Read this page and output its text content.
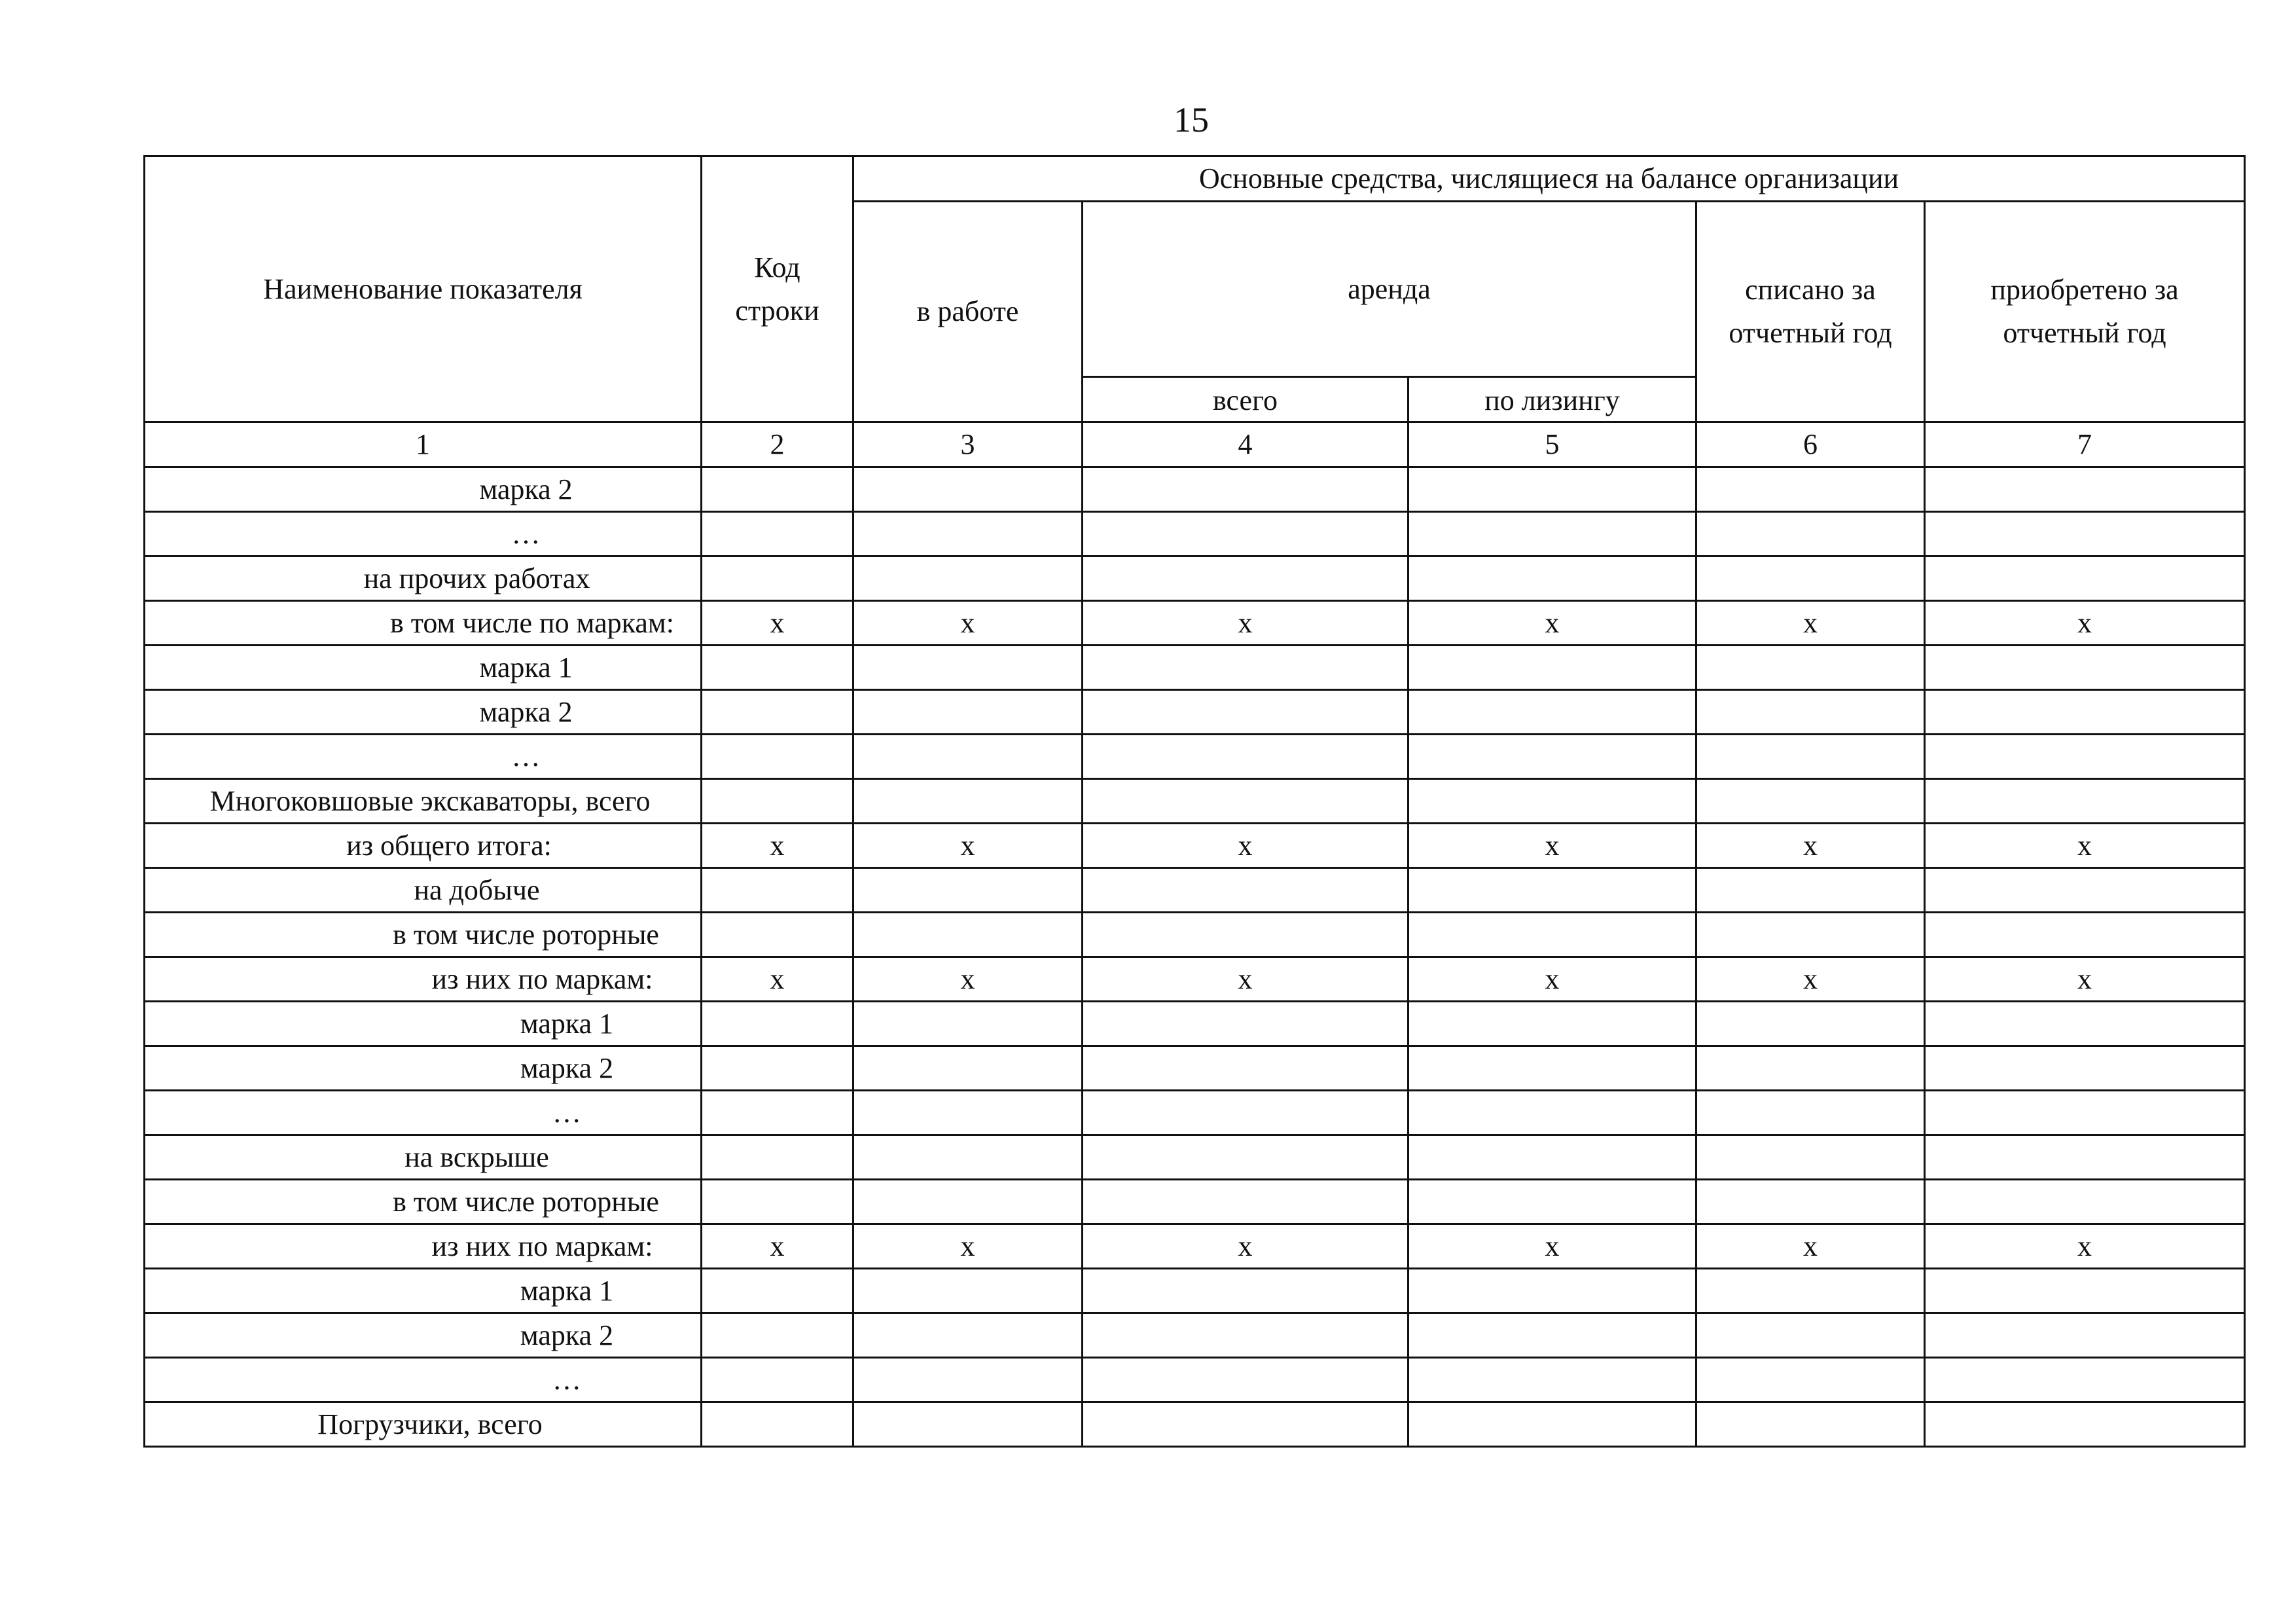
15
Наименование показателя	Код строки	Основные средства, числящиеся на балансе организации				
		в работе	аренда		списано за отчетный год	приобретено за отчетный год
			всего	по лизингу		
1	2	3	4	5	6	7
марка 2						
…						
на прочих работах						
в том числе по маркам:	х	х	х	х	х	х
марка 1						
марка 2						
…						
Многоковшовые экскаваторы, всего						
из общего итога:	х	х	х	х	х	х
на добыче						
в том числе роторные						
из них по маркам:	х	х	х	х	х	х
марка 1						
марка 2						
…						
на вскрыше						
в том числе роторные						
из них по маркам:	х	х	х	х	х	х
марка 1						
марка 2						
…						
Погрузчики, всего						
